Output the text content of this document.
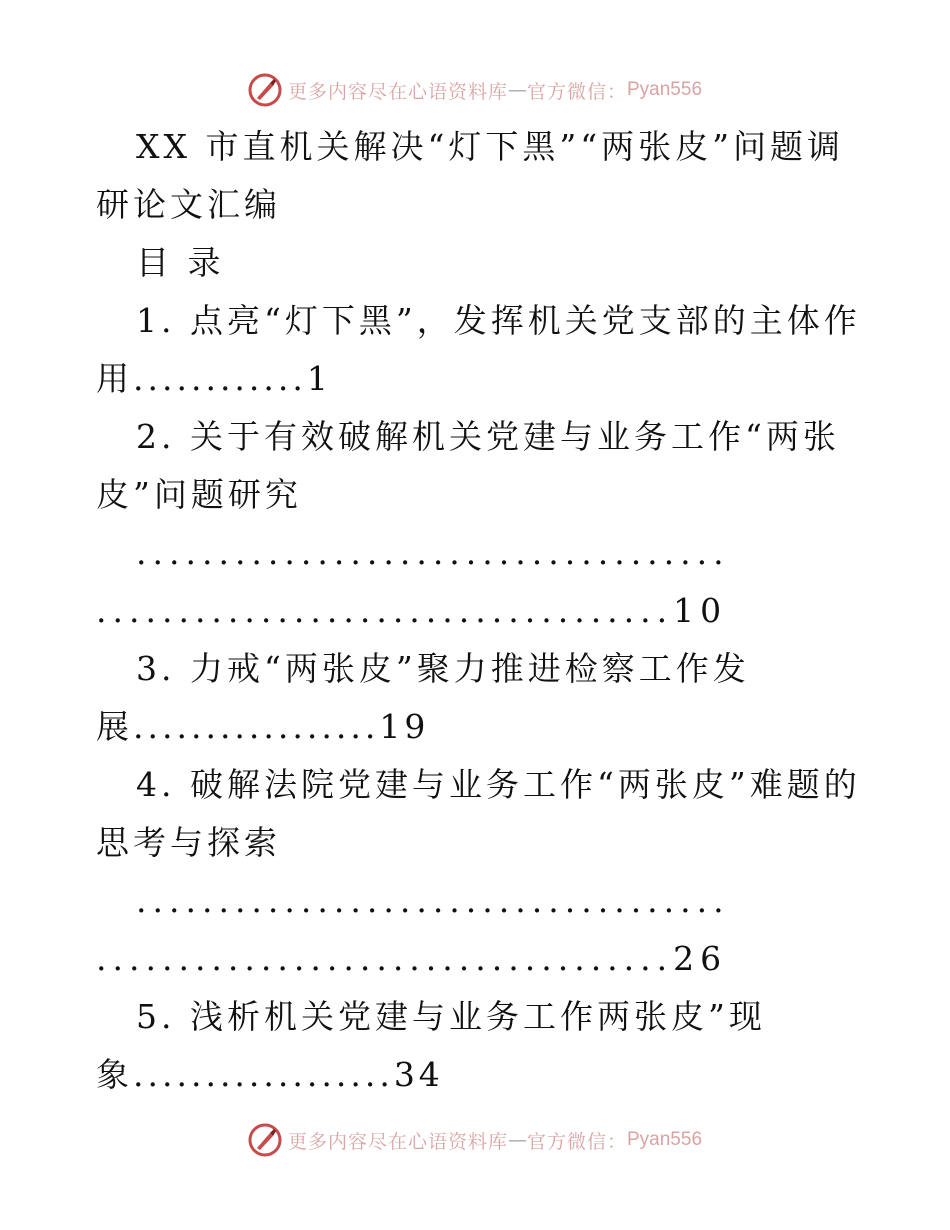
更多内容尽在心语资料库 — 官方微信： Pyan556
XX 市直机关解决“灯下黑”“两张皮”问题调
研论文汇编
目 录
1. 点亮“灯下黑”，发挥机关党支部的主体作
用............1
2. 关于有效破解机关党建与业务工作“两张
皮”问题研究
....................................
...................................10
3. 力戒“两张皮”聚力推进检察工作发
展.................19
4. 破解法院党建与业务工作“两张皮”难题的
思考与探索
....................................
...................................26
5. 浅析机关党建与业务工作两张皮”现
象..................34
更多内容尽在心语资料库 — 官方微信： Pyan556
